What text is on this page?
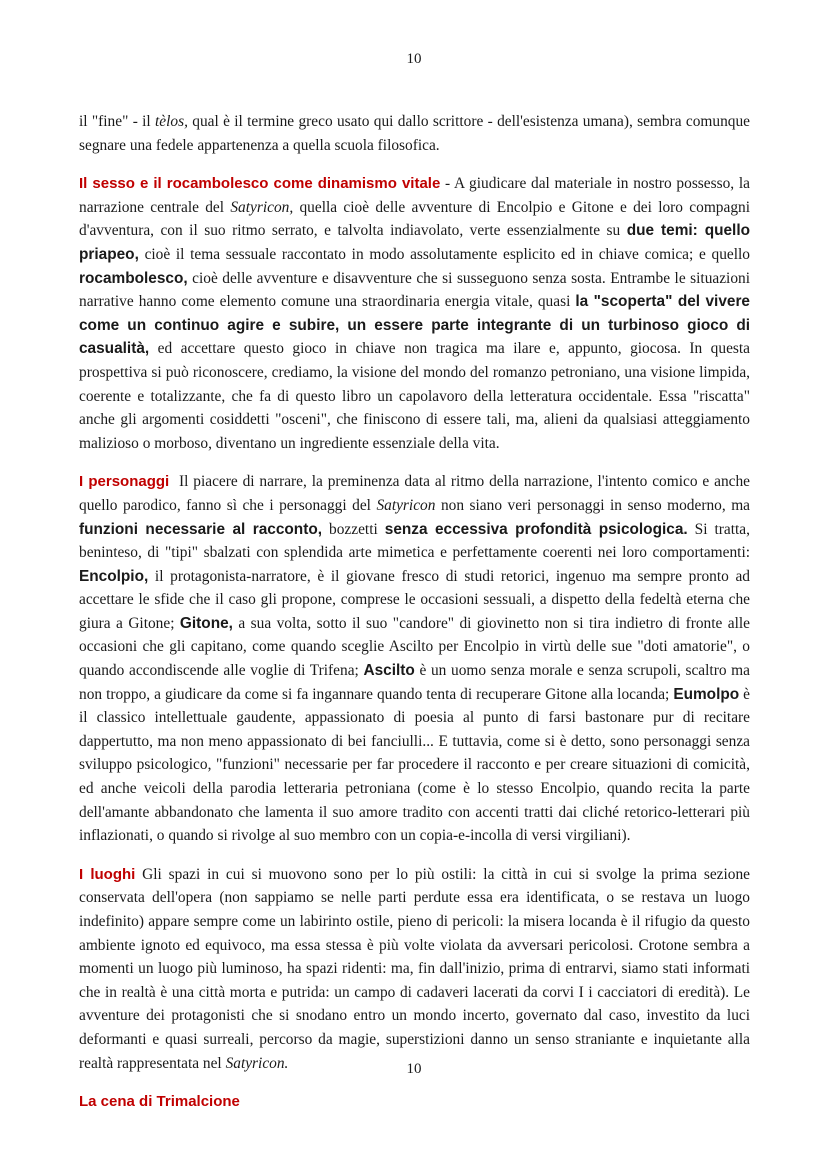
10

il "fine" - il tèlos, qual è il termine greco usato qui dallo scrittore - dell'esistenza umana), sembra comunque segnare una fedele appartenenza a quella scuola filosofica.

Il sesso e il rocambolesco come dinamismo vitale - A giudicare dal materiale in nostro possesso, la narrazione centrale del Satyricon, quella cioè delle avventure di Encolpio e Gitone e dei loro compagni d'avventura, con il suo ritmo serrato, e talvolta indiavolato, verte essenzialmente su due temi: quello priapeo, cioè il tema sessuale raccontato in modo assolutamente esplicito ed in chiave comica; e quello rocambolesco, cioè delle avventure e disavventure che si susseguono senza sosta. Entrambe le situazioni narrative hanno come elemento comune una straordinaria energia vitale, quasi la "scoperta" del vivere come un continuo agire e subire, un essere parte integrante di un turbinoso gioco di casualità, ed accettare questo gioco in chiave non tragica ma ilare e, appunto, giocosa. In questa prospettiva si può riconoscere, crediamo, la visione del mondo del romanzo petroniano, una visione limpida, coerente e totalizzante, che fa di questo libro un capolavoro della letteratura occidentale. Essa "riscatta" anche gli argomenti cosiddetti "osceni", che finiscono di essere tali, ma, alieni da qualsiasi atteggiamento malizioso o morboso, diventano un ingrediente essenziale della vita.

I personaggi  Il piacere di narrare, la preminenza data al ritmo della narrazione, l'intento comico e anche quello parodico, fanno sì che i personaggi del Satyricon non siano veri personaggi in senso moderno, ma funzioni necessarie al racconto, bozzetti senza eccessiva profondità psicologica. Si tratta, beninteso, di "tipi" sbalzati con splendida arte mimetica e perfettamente coerenti nei loro comportamenti: Encolpio, il protagonista-narratore, è il giovane fresco di studi retorici, ingenuo ma sempre pronto ad accettare le sfide che il caso gli propone, comprese le occasioni sessuali, a dispetto della fedeltà eterna che giura a Gitone; Gitone, a sua volta, sotto il suo "candore" di giovinetto non si tira indietro di fronte alle occasioni che gli capitano, come quando sceglie Ascilto per Encolpio in virtù delle sue "doti amatorie", o quando accondiscende alle voglie di Trifena; Ascilto è un uomo senza morale e senza scrupoli, scaltro ma non troppo, a giudicare da come si fa ingannare quando tenta di recuperare Gitone alla locanda; Eumolpo è il classico intellettuale gaudente, appassionato di poesia al punto di farsi bastonare pur di recitare dappertutto, ma non meno appassionato di bei fanciulli... E tuttavia, come si è detto, sono personaggi senza sviluppo psicologico, "funzioni" necessarie per far procedere il racconto e per creare situazioni di comicità, ed anche veicoli della parodia letteraria petroniana (come è lo stesso Encolpio, quando recita la parte dell'amante abbandonato che lamenta il suo amore tradito con accenti tratti dai cliché retorico-letterari più inflazionati, o quando si rivolge al suo membro con un copia-e-incolla di versi virgiliani).

I luoghi Gli spazi in cui si muovono sono per lo più ostili: la città in cui si svolge la prima sezione conservata dell'opera (non sappiamo se nelle parti perdute essa era identificata, o se restava un luogo indefinito) appare sempre come un labirinto ostile, pieno di pericoli: la misera locanda è il rifugio da questo ambiente ignoto ed equivoco, ma essa stessa è più volte violata da avversari pericolosi. Crotone sembra a momenti un luogo più luminoso, ha spazi ridenti: ma, fin dall'inizio, prima di entrarvi, siamo stati informati che in realtà è una città morta e putrida: un campo di cadaveri lacerati da corvi I i cacciatori di eredità). Le avventure dei protagonisti che si snodano entro un mondo incerto, governato dal caso, investito da luci deformanti e quasi surreali, percorso da magie, superstizioni danno un senso straniante e inquietante alla realtà rappresentata nel Satyricon.

La cena di Trimalcione
10
